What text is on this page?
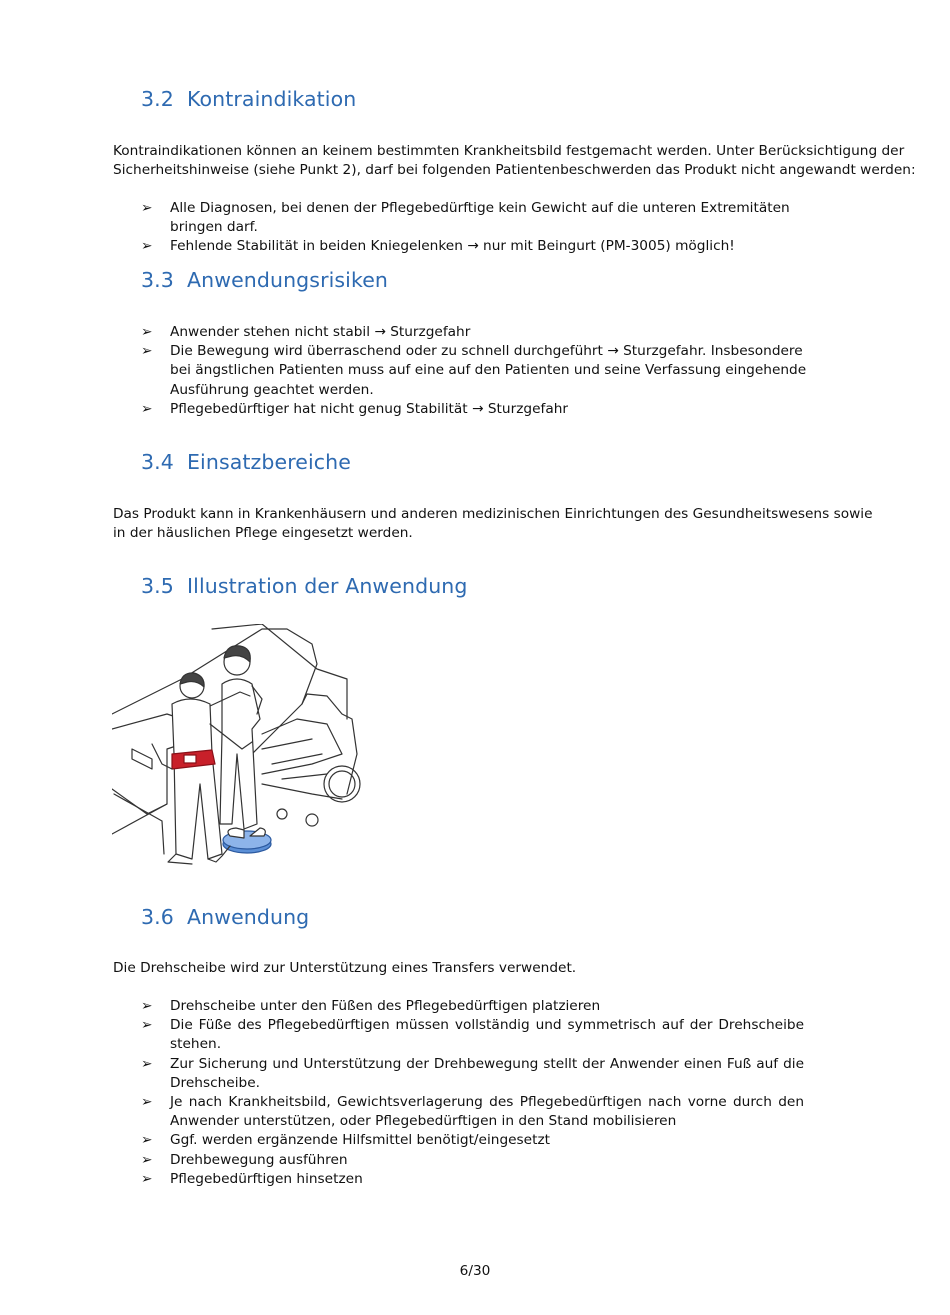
3.2 Kontraindikation

Kontraindikationen können an keinem bestimmten Krankheitsbild festgemacht werden. Unter Berücksichtigung der
Sicherheitshinweise (siehe Punkt 2), darf bei folgenden Patientenbeschwerden das Produkt nicht angewandt werden:

➢ Alle Diagnosen, bei denen der Pflegebedürftige kein Gewicht auf die unteren Extremitäten bringen darf.
➢ Fehlende Stabilität in beiden Kniegelenken → nur mit Beingurt (PM-3005) möglich!
3.3 Anwendungsrisiken
➢ Anwender stehen nicht stabil → Sturzgefahr
➢ Die Bewegung wird überraschend oder zu schnell durchgeführt → Sturzgefahr. Insbesondere bei ängstlichen Patienten muss auf eine auf den Patienten und seine Verfassung eingehende Ausführung geachtet werden.
➢ Pflegebedürftiger hat nicht genug Stabilität → Sturzgefahr
3.4 Einsatzbereiche

Das Produkt kann in Krankenhäusern und anderen medizinischen Einrichtungen des Gesundheitswesens sowie
in der häuslichen Pflege eingesetzt werden.

3.5 Illustration der Anwendung
3.6 Anwendung

Die Drehscheibe wird zur Unterstützung eines Transfers verwendet.

➢ Drehscheibe unter den Füßen des Pflegebedürftigen platzieren
➢ Die Füße des Pflegebedürftigen müssen vollständig und symmetrisch auf der Drehscheibe stehen.
➢ Zur Sicherung und Unterstützung der Drehbewegung stellt der Anwender einen Fuß auf die Drehscheibe.
➢ Je nach Krankheitsbild, Gewichtsverlagerung des Pflegebedürftigen nach vorne durch den Anwender unterstützen, oder Pflegebedürftigen in den Stand mobilisieren
➢ Ggf. werden ergänzende Hilfsmittel benötigt/eingesetzt
➢ Drehbewegung ausführen
➢ Pflegebedürftigen hinsetzen
6/30
